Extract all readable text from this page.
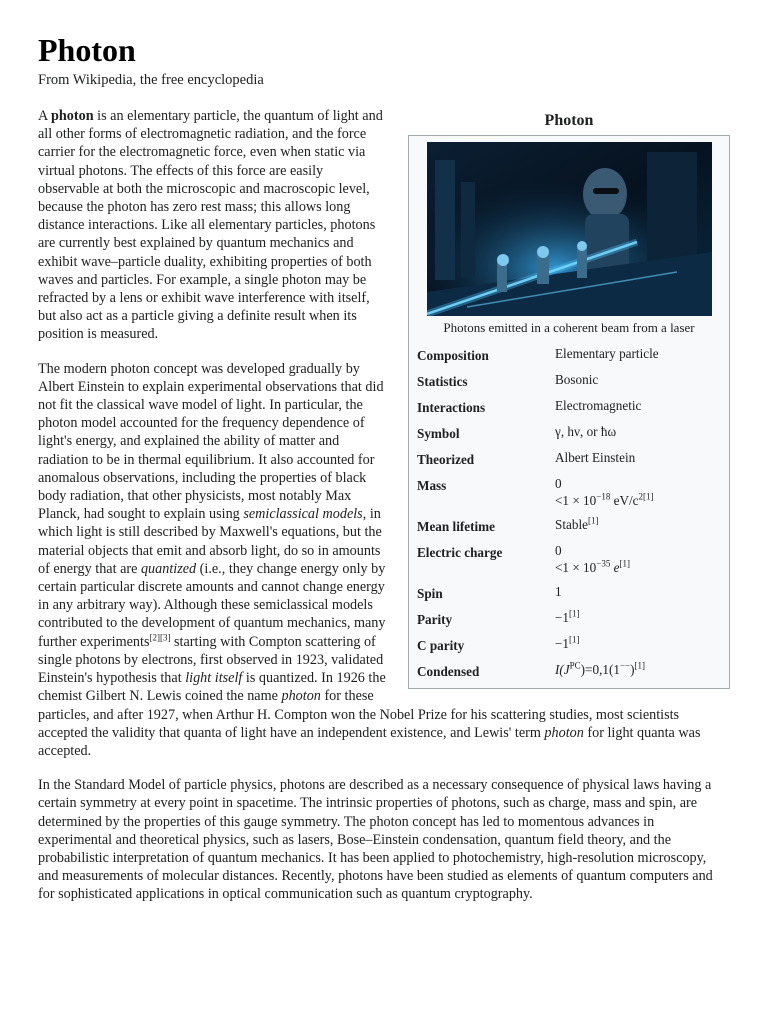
Photon
From Wikipedia, the free encyclopedia
Photon
Photons emitted in a coherent beam from a laser
Composition	Elementary particle
Statistics	Bosonic
Interactions	Electromagnetic
Symbol	γ, hν, or ħω
Theorized	Albert Einstein
Mass	0
$<1 \times 10^{-18}$ $eV/c^{2[1]}$

Mean lifetime	Stable[1]
Electric charge	0
$<1 \times 10^{-35}$ e[1]

Spin	1
Parity	−1[1]
C parity	−1[1]
Condensed	$I(J^{PC})=0,1(1^{--})[1]$

A photon is an elementary particle, the quantum of light and all other forms of electromagnetic radiation, and the force carrier for the electromagnetic force, even when static via virtual photons. The effects of this force are easily observable at both the microscopic and macroscopic level, because the photon has zero rest mass; this allows long distance interactions. Like all elementary particles, photons are currently best explained by quantum mechanics and exhibit wave–particle duality, exhibiting properties of both waves and particles. For example, a single photon may be refracted by a lens or exhibit wave interference with itself, but also act as a particle giving a definite result when its position is measured.

The modern photon concept was developed gradually by Albert Einstein to explain experimental observations that did not fit the classical wave model of light. In particular, the photon model accounted for the frequency dependence of light's energy, and explained the ability of matter and radiation to be in thermal equilibrium. It also accounted for anomalous observations, including the properties of black body radiation, that other physicists, most notably Max Planck, had sought to explain using semiclassical models, in which light is still described by Maxwell's equations, but the material objects that emit and absorb light, do so in amounts of energy that are quantized (i.e., they change energy only by certain particular discrete amounts and cannot change energy in any arbitrary way). Although these semiclassical models contributed to the development of quantum mechanics, many further experiments[2][3] starting with Compton scattering of single photons by electrons, first observed in 1923, validated Einstein's hypothesis that light itself is quantized. In 1926 the chemist Gilbert N. Lewis coined the name photon for these particles, and after 1927, when Arthur H. Compton won the Nobel Prize for his scattering studies, most scientists accepted the validity that quanta of light have an independent existence, and Lewis' term photon for light quanta was accepted.

In the Standard Model of particle physics, photons are described as a necessary consequence of physical laws having a certain symmetry at every point in spacetime. The intrinsic properties of photons, such as charge, mass and spin, are determined by the properties of this gauge symmetry. The photon concept has led to momentous advances in experimental and theoretical physics, such as lasers, Bose–Einstein condensation, quantum field theory, and the probabilistic interpretation of quantum mechanics. It has been applied to photochemistry, high-resolution microscopy, and measurements of molecular distances. Recently, photons have been studied as elements of quantum computers and for sophisticated applications in optical communication such as quantum cryptography.
